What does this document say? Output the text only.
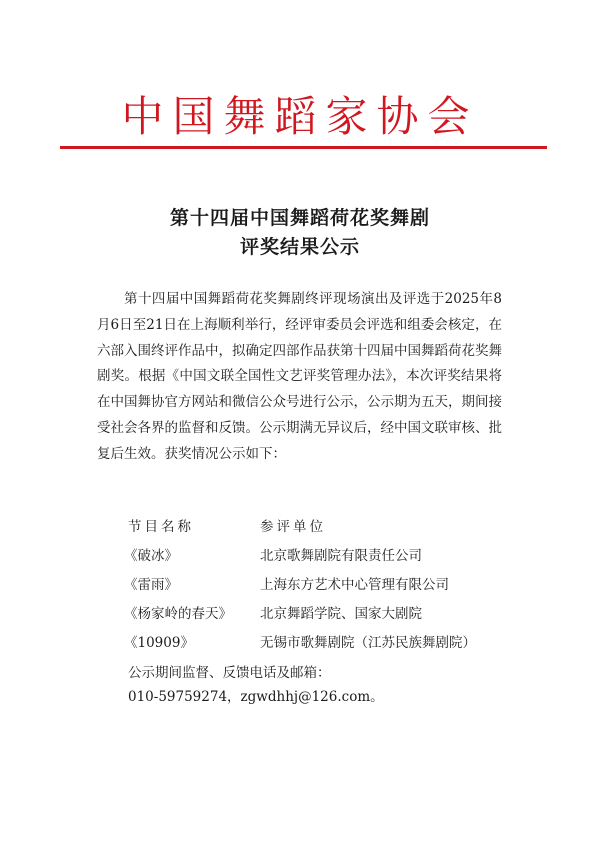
中国舞蹈家协会
第十四届中国舞蹈荷花奖舞剧
评奖结果公示

第十四届中国舞蹈荷花奖舞剧终评现场演出及评选于2025年8月6日至21日在上海顺利举行，经评审委员会评选和组委会核定，在六部入围终评作品中，拟确定四部作品获第十四届中国舞蹈荷花奖舞剧奖。根据《中国文联全国性文艺评奖管理办法》，本次评奖结果将在中国舞协官方网站和微信公众号进行公示，公示期为五天，期间接受社会各界的监督和反馈。公示期满无异议后，经中国文联审核、批复后生效。获奖情况公示如下：

节目名称	参评单位
《破冰》	北京歌舞剧院有限责任公司
《雷雨》	上海东方艺术中心管理有限公司
《杨家岭的春天》 北京舞蹈学院、国家大剧院
《10909》	无锡市歌舞剧院（江苏民族舞剧院）
公示期间监督、反馈电话及邮箱：
010-59759274，zgwdhhj@126.com。
